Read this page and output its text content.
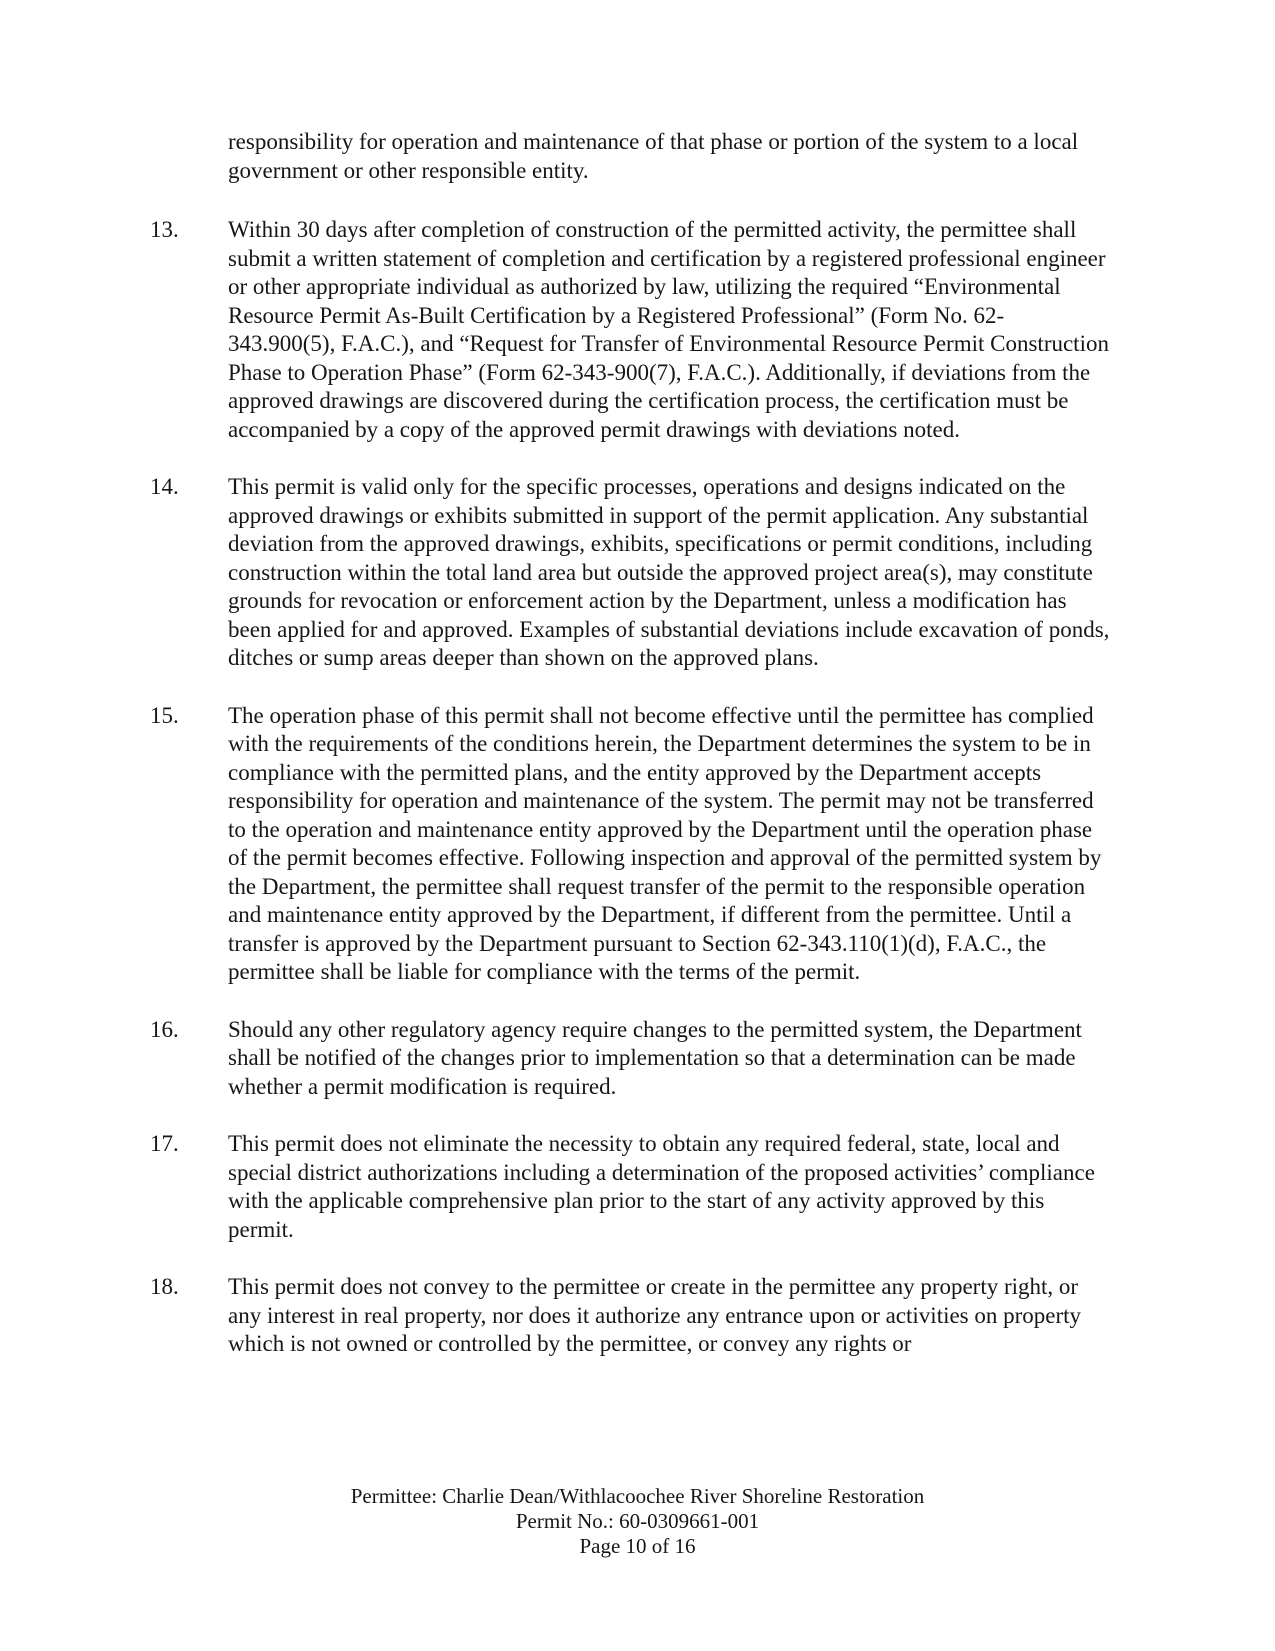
responsibility for operation and maintenance of that phase or portion of the system to a local government or other responsible entity.
13.	Within 30 days after completion of construction of the permitted activity, the permittee shall submit a written statement of completion and certification by a registered professional engineer or other appropriate individual as authorized by law, utilizing the required “Environmental Resource Permit As-Built Certification by a Registered Professional” (Form No. 62-343.900(5), F.A.C.), and “Request for Transfer of Environmental Resource Permit Construction Phase to Operation Phase” (Form 62-343-900(7), F.A.C.). Additionally, if deviations from the approved drawings are discovered during the certification process, the certification must be accompanied by a copy of the approved permit drawings with deviations noted.
14.	This permit is valid only for the specific processes, operations and designs indicated on the approved drawings or exhibits submitted in support of the permit application. Any substantial deviation from the approved drawings, exhibits, specifications or permit conditions, including construction within the total land area but outside the approved project area(s), may constitute grounds for revocation or enforcement action by the Department, unless a modification has been applied for and approved. Examples of substantial deviations include excavation of ponds, ditches or sump areas deeper than shown on the approved plans.
15.	The operation phase of this permit shall not become effective until the permittee has complied with the requirements of the conditions herein, the Department determines the system to be in compliance with the permitted plans, and the entity approved by the Department accepts responsibility for operation and maintenance of the system. The permit may not be transferred to the operation and maintenance entity approved by the Department until the operation phase of the permit becomes effective. Following inspection and approval of the permitted system by the Department, the permittee shall request transfer of the permit to the responsible operation and maintenance entity approved by the Department, if different from the permittee. Until a transfer is approved by the Department pursuant to Section 62-343.110(1)(d), F.A.C., the permittee shall be liable for compliance with the terms of the permit.
16.	Should any other regulatory agency require changes to the permitted system, the Department shall be notified of the changes prior to implementation so that a determination can be made whether a permit modification is required.
17.	This permit does not eliminate the necessity to obtain any required federal, state, local and special district authorizations including a determination of the proposed activities’ compliance with the applicable comprehensive plan prior to the start of any activity approved by this permit.
18.	This permit does not convey to the permittee or create in the permittee any property right, or any interest in real property, nor does it authorize any entrance upon or activities on property which is not owned or controlled by the permittee, or convey any rights or
Permittee: Charlie Dean/Withlacoochee River Shoreline Restoration
Permit No.: 60-0309661-001
Page 10 of 16
